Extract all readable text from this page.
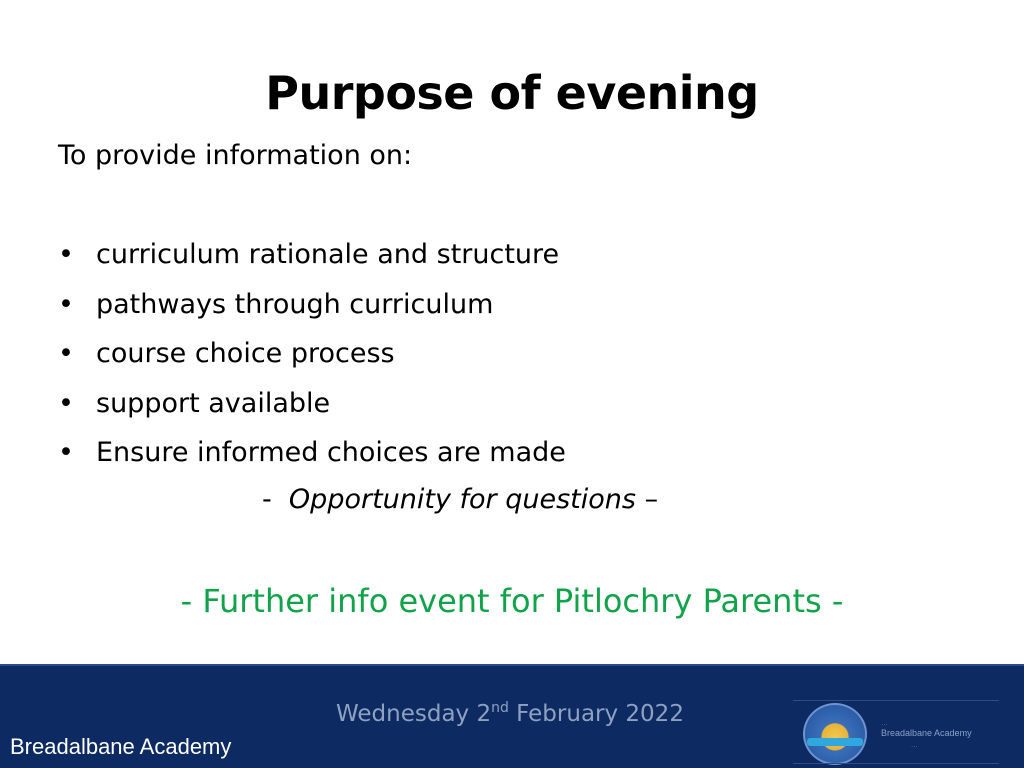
Purpose of evening
To provide information on:
• curriculum rationale and structure
• pathways through curriculum
• course choice process
• support available
• Ensure informed choices are made
- Opportunity for questions –
- Further info event for Pitlochry Parents -
Wednesday 2nd February 2022
Breadalbane Academy
...
Breadalbane Academy
...
